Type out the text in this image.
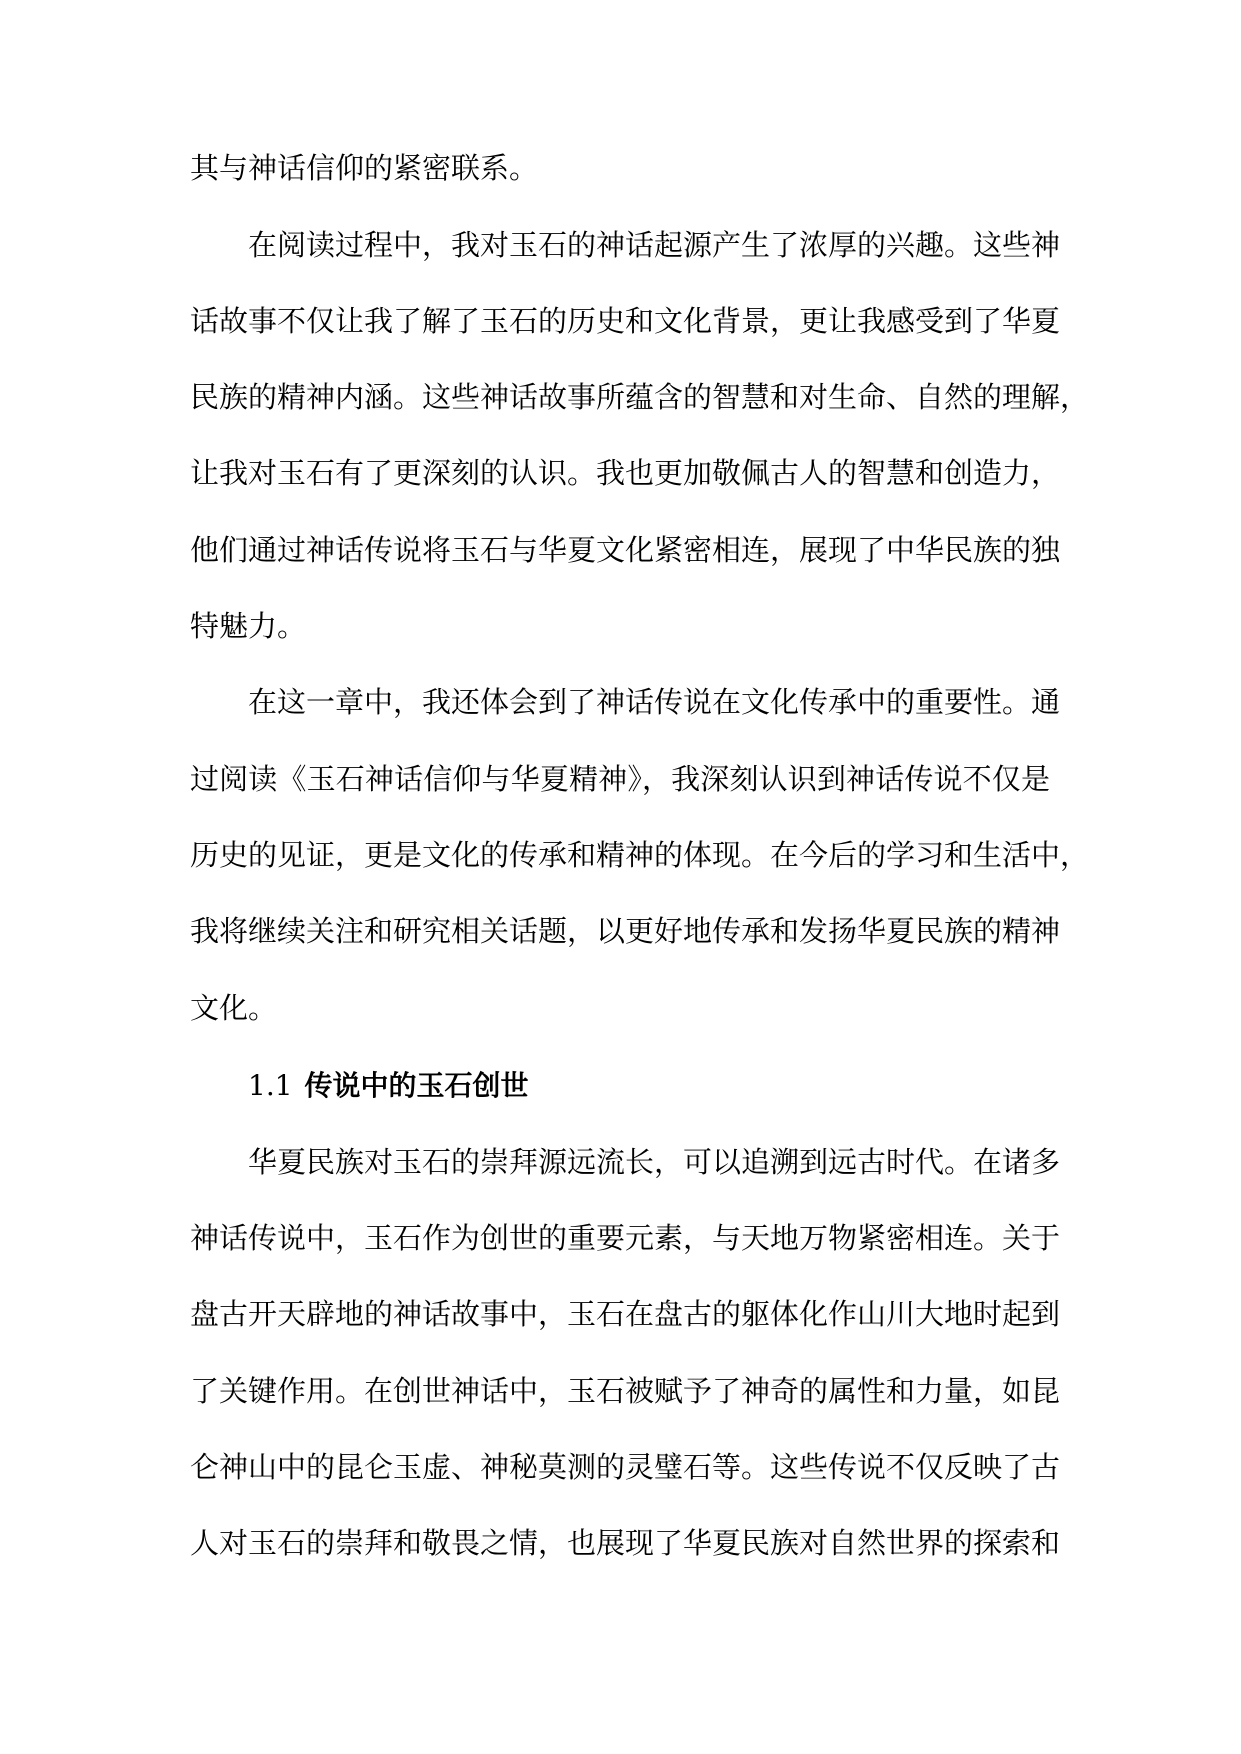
其与神话信仰的紧密联系。
在阅读过程中，我对玉石的神话起源产生了浓厚的兴趣。这些神
话故事不仅让我了解了玉石的历史和文化背景，更让我感受到了华夏
民族的精神内涵。这些神话故事所蕴含的智慧和对生命、自然的理解，
让我对玉石有了更深刻的认识。我也更加敬佩古人的智慧和创造力，
他们通过神话传说将玉石与华夏文化紧密相连，展现了中华民族的独
特魅力。
在这一章中，我还体会到了神话传说在文化传承中的重要性。通
过阅读《玉石神话信仰与华夏精神》，我深刻认识到神话传说不仅是
历史的见证，更是文化的传承和精神的体现。在今后的学习和生活中，
我将继续关注和研究相关话题，以更好地传承和发扬华夏民族的精神
文化。
1.1 传说中的玉石创世
华夏民族对玉石的崇拜源远流长，可以追溯到远古时代。在诸多
神话传说中，玉石作为创世的重要元素，与天地万物紧密相连。关于
盘古开天辟地的神话故事中，玉石在盘古的躯体化作山川大地时起到
了关键作用。在创世神话中，玉石被赋予了神奇的属性和力量，如昆
仑神山中的昆仑玉虚、神秘莫测的灵璧石等。这些传说不仅反映了古
人对玉石的崇拜和敬畏之情，也展现了华夏民族对自然世界的探索和
